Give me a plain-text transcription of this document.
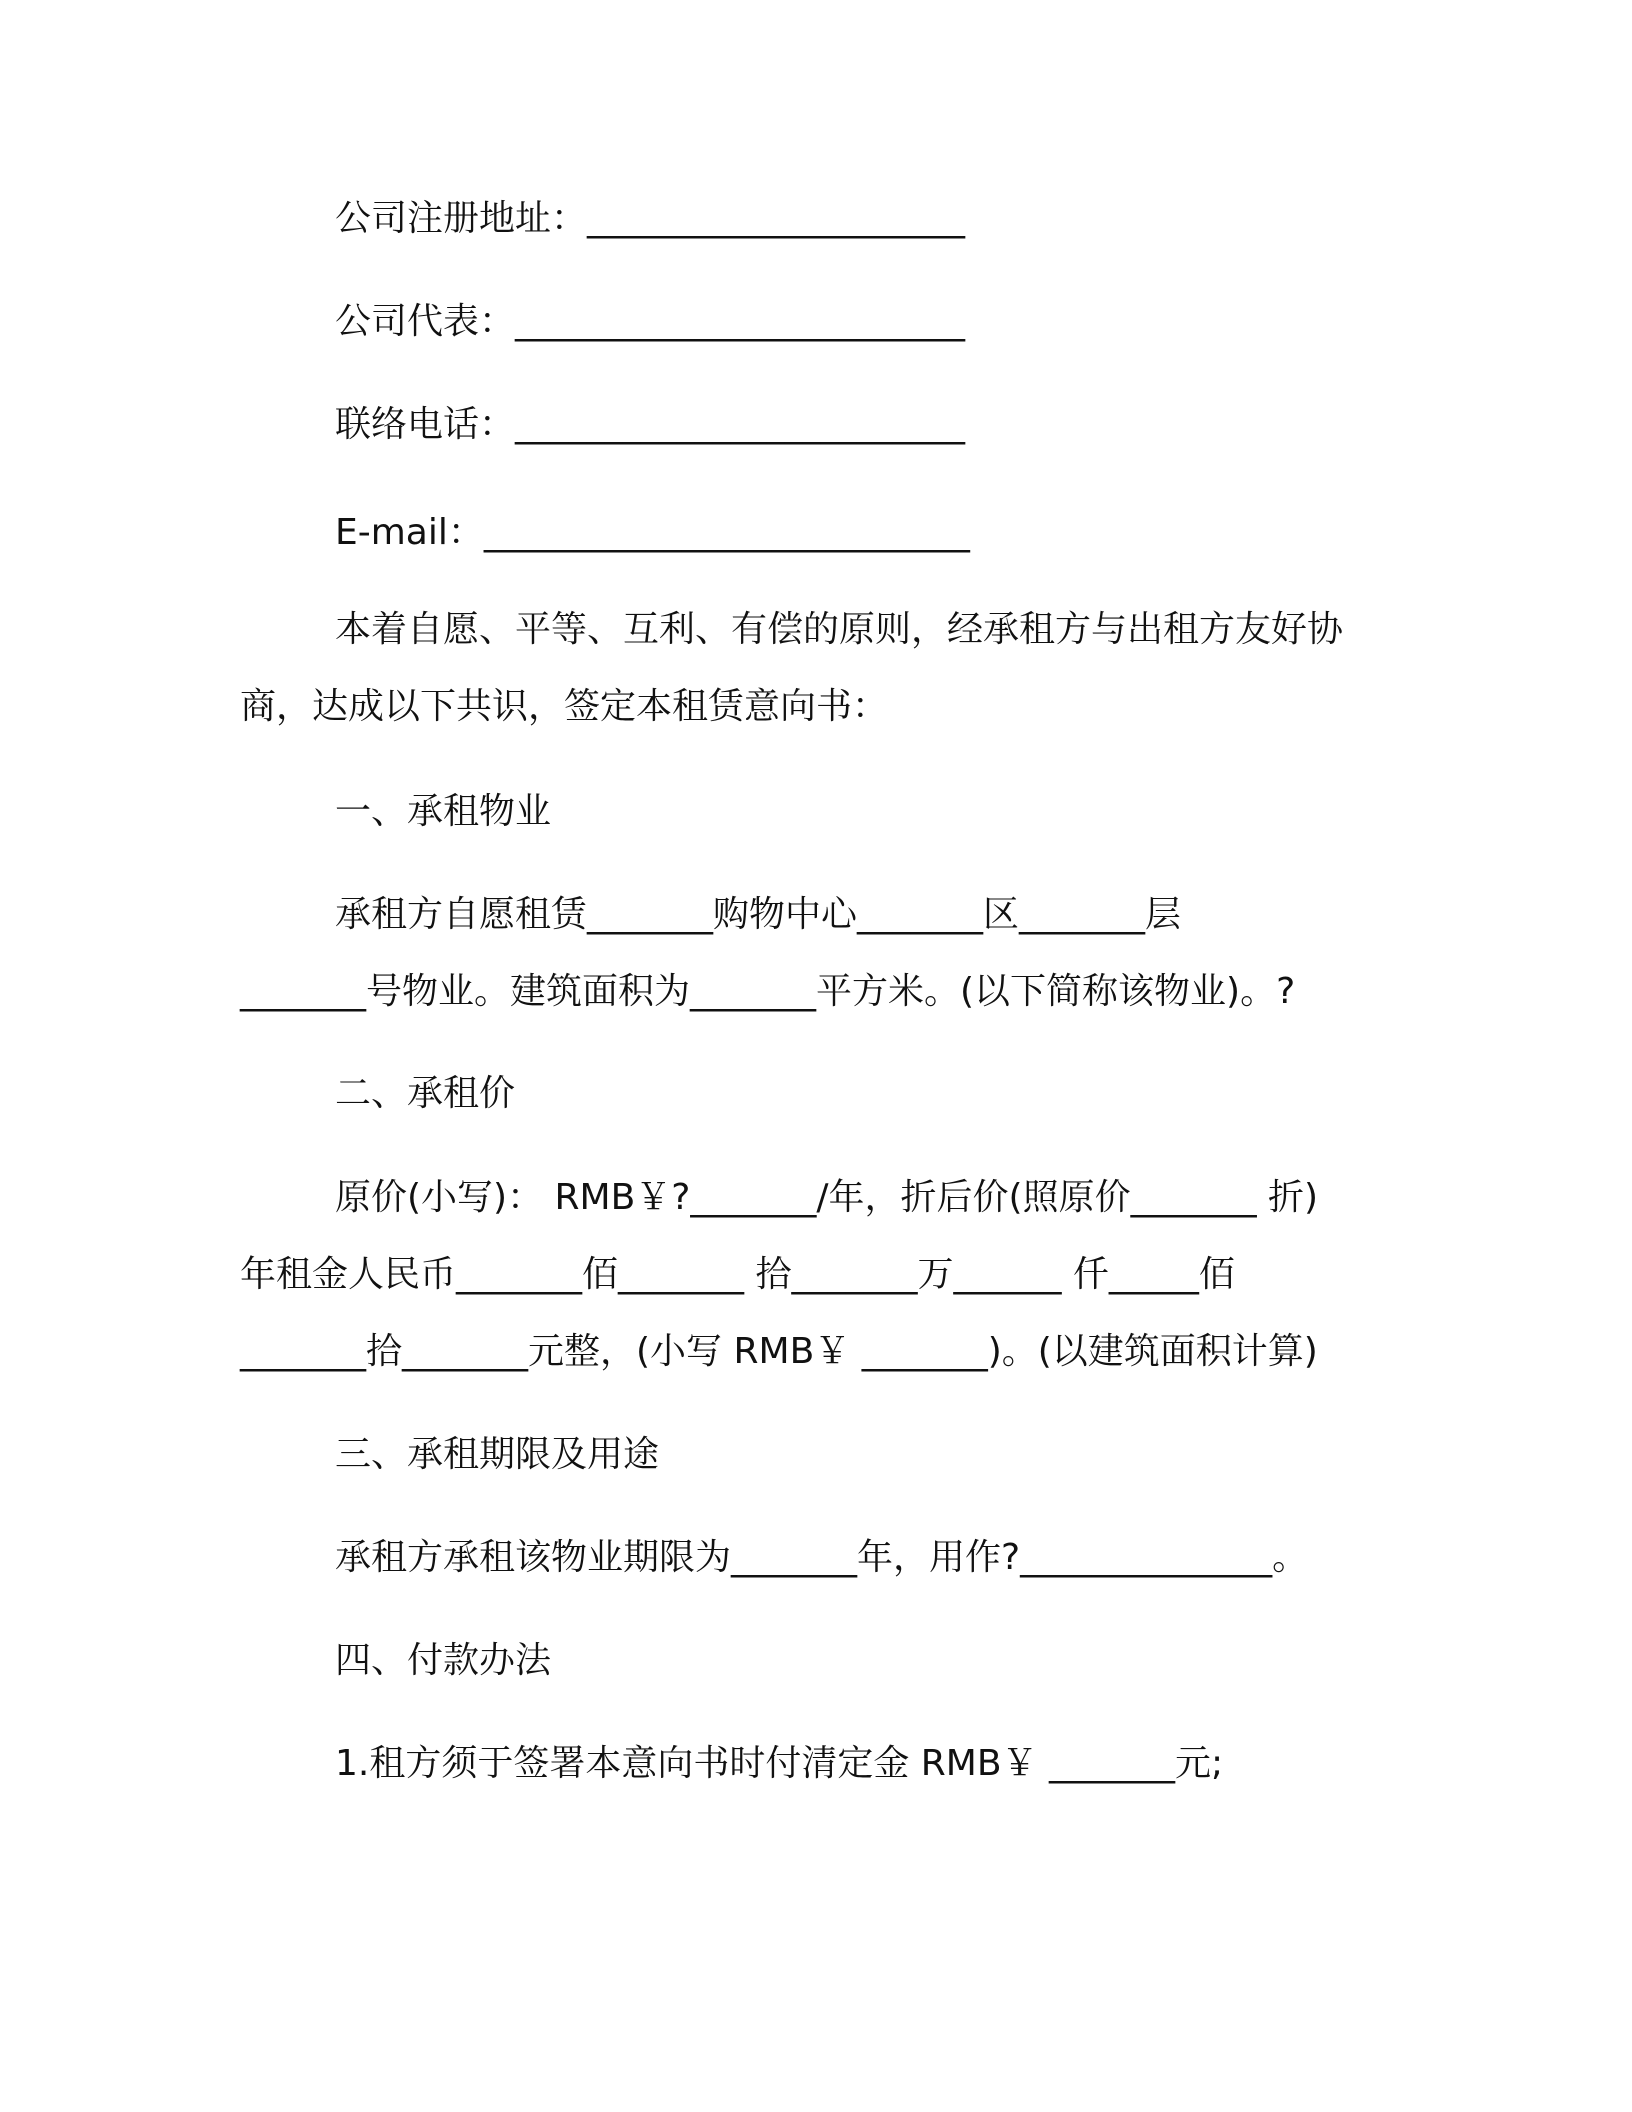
公司注册地址：_____________________
公司代表：_________________________
联络电话：_________________________
E-mail：___________________________
本着自愿、平等、互利、有偿的原则，经承租方与出租方友好协
商，达成以下共识，签定本租赁意向书：
一、承租物业
承租方自愿租赁_______购物中心_______区_______层
_______号物业。建筑面积为_______平方米。(以下简称该物业)。?
二、承租价
原价(小写)： RMB￥?_______/年，折后价(照原价_______ 折)
年租金人民币_______佰_______ 拾_______万______ 仟_____佰
_______拾_______元整，(小写 RMB￥ _______)。(以建筑面积计算)
三、承租期限及用途
承租方承租该物业期限为_______年，用作?______________。
四、付款办法
1.租方须于签署本意向书时付清定金 RMB￥ _______元;
